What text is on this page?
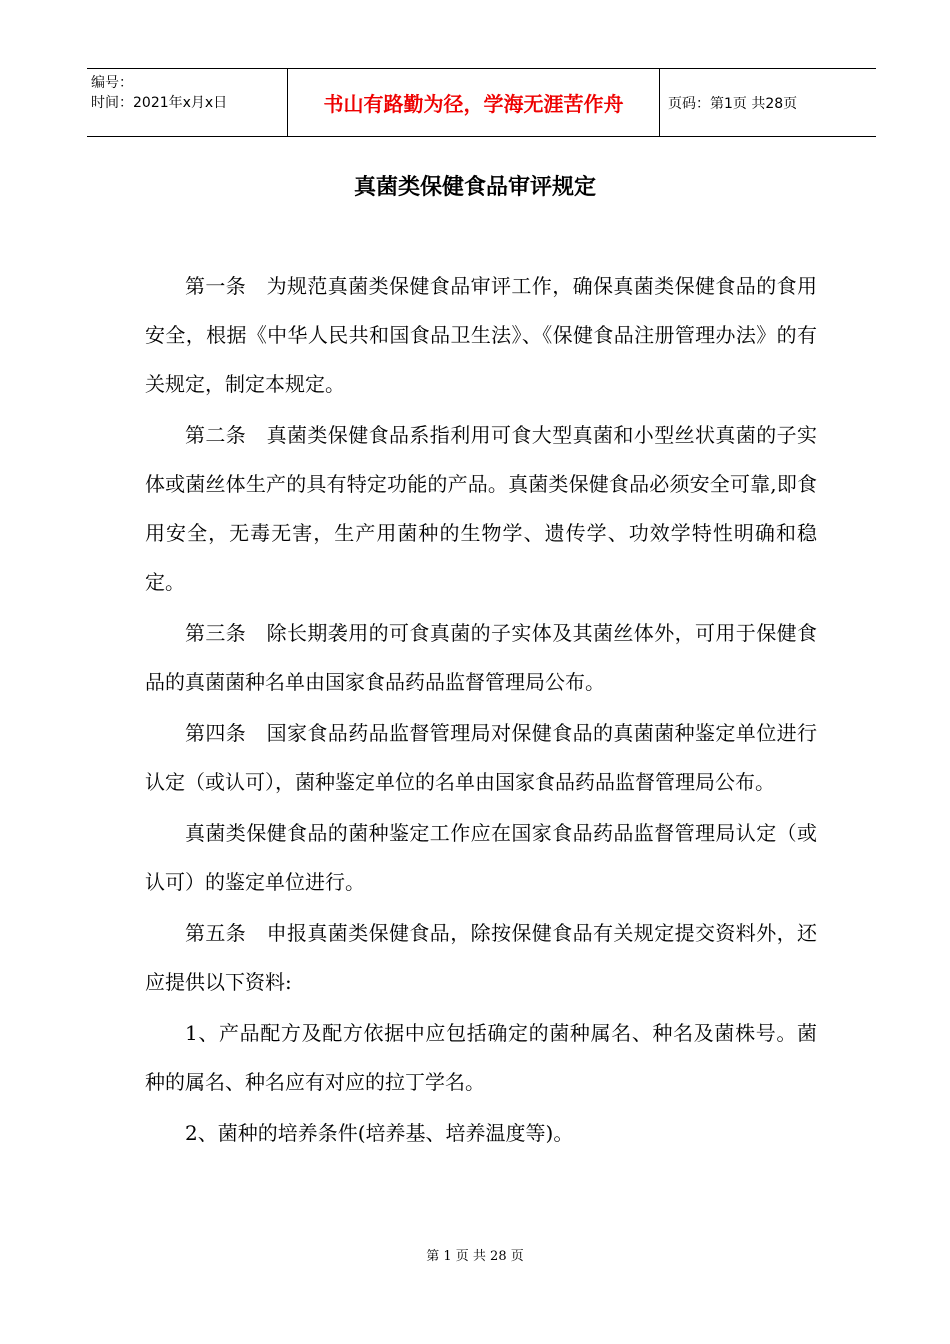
编号：
时间：2021年x月x日	书山有路勤为径，学海无涯苦作舟	页码：第1页 共28页
真菌类保健食品审评规定

第一条　为规范真菌类保健食品审评工作，确保真菌类保健食品的食用安全，根据《中华人民共和国食品卫生法》、《保健食品注册管理办法》的有关规定，制定本规定。

第二条　真菌类保健食品系指利用可食大型真菌和小型丝状真菌的子实体或菌丝体生产的具有特定功能的产品。真菌类保健食品必须安全可靠,即食用安全，无毒无害，生产用菌种的生物学、遗传学、功效学特性明确和稳定。

第三条　除长期袭用的可食真菌的子实体及其菌丝体外，可用于保健食品的真菌菌种名单由国家食品药品监督管理局公布。

第四条　国家食品药品监督管理局对保健食品的真菌菌种鉴定单位进行认定（或认可），菌种鉴定单位的名单由国家食品药品监督管理局公布。

真菌类保健食品的菌种鉴定工作应在国家食品药品监督管理局认定（或认可）的鉴定单位进行。

第五条　申报真菌类保健食品，除按保健食品有关规定提交资料外，还应提供以下资料:

1、产品配方及配方依据中应包括确定的菌种属名、种名及菌株号。菌种的属名、种名应有对应的拉丁学名。

2、菌种的培养条件(培养基、培养温度等)。

第 1 页 共 28 页
